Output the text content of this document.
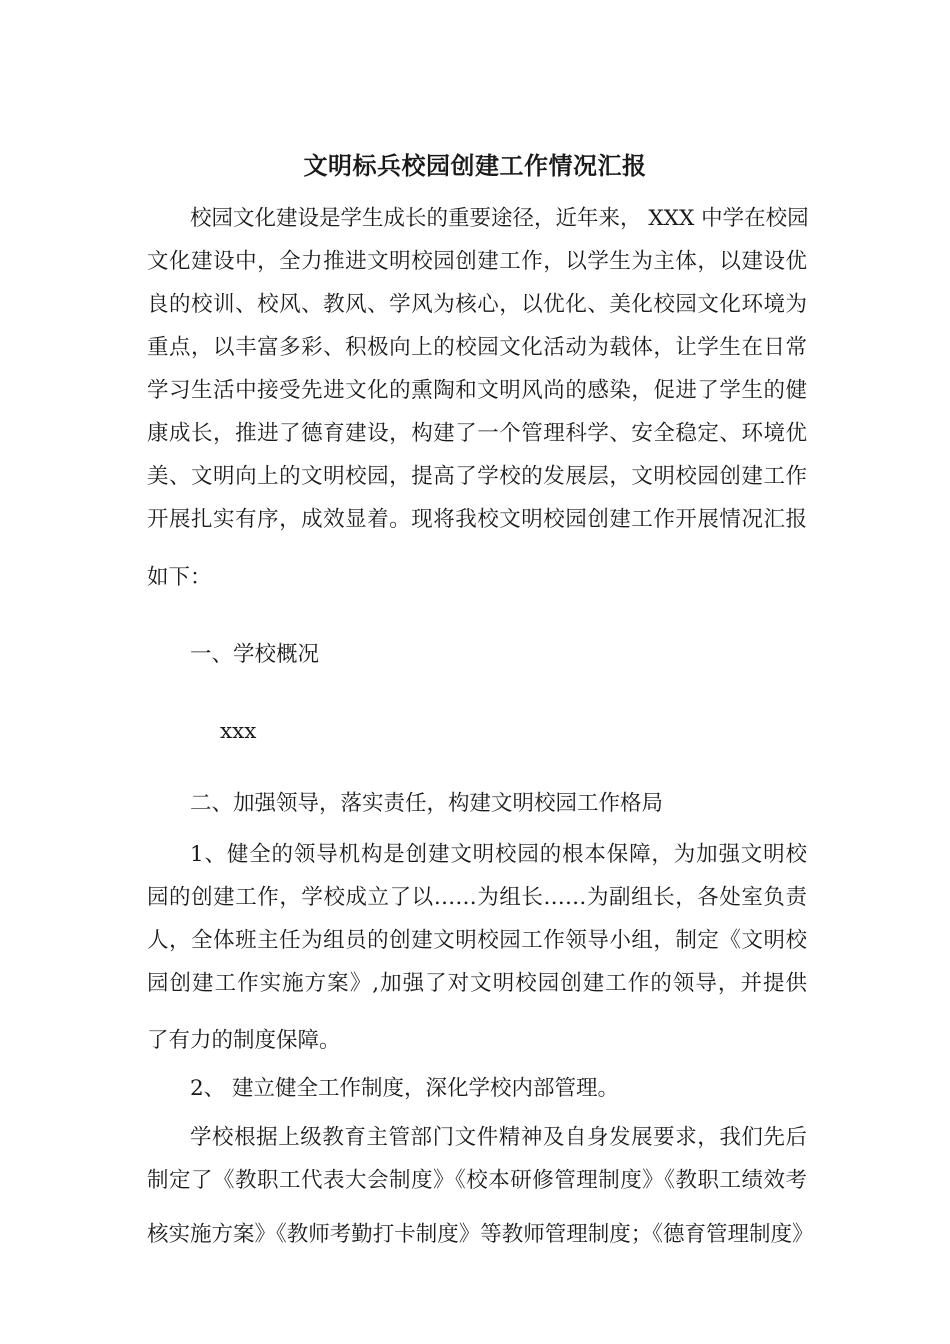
文明标兵校园创建工作情况汇报

校园文化建设是学生成长的重要途径，近年来， XXX 中学在校园

文化建设中，全力推进文明校园创建工作，以学生为主体，以建设优

良的校训、校风、教风、学风为核心，以优化、美化校园文化环境为

重点，以丰富多彩、积极向上的校园文化活动为载体，让学生在日常

学习生活中接受先进文化的熏陶和文明风尚的感染，促进了学生的健

康成长，推进了德育建设，构建了一个管理科学、安全稳定、环境优

美、文明向上的文明校园，提高了学校的发展层，文明校园创建工作

开展扎实有序，成效显着。现将我校文明校园创建工作开展情况汇报

如下：

一、学校概况

xxx

二、加强领导，落实责任，构建文明校园工作格局

1、健全的领导机构是创建文明校园的根本保障，为加强文明校

园的创建工作，学校成立了以……为组长……为副组长，各处室负责

人，全体班主任为组员的创建文明校园工作领导小组，制定《文明校

园创建工作实施方案》,加强了对文明校园创建工作的领导，并提供

了有力的制度保障。

2、 建立健全工作制度，深化学校内部管理。

学校根据上级教育主管部门文件精神及自身发展要求，我们先后

制定了《教职工代表大会制度》《校本研修管理制度》《教职工绩效考

核实施方案》《教师考勤打卡制度》等教师管理制度；《德育管理制度》
